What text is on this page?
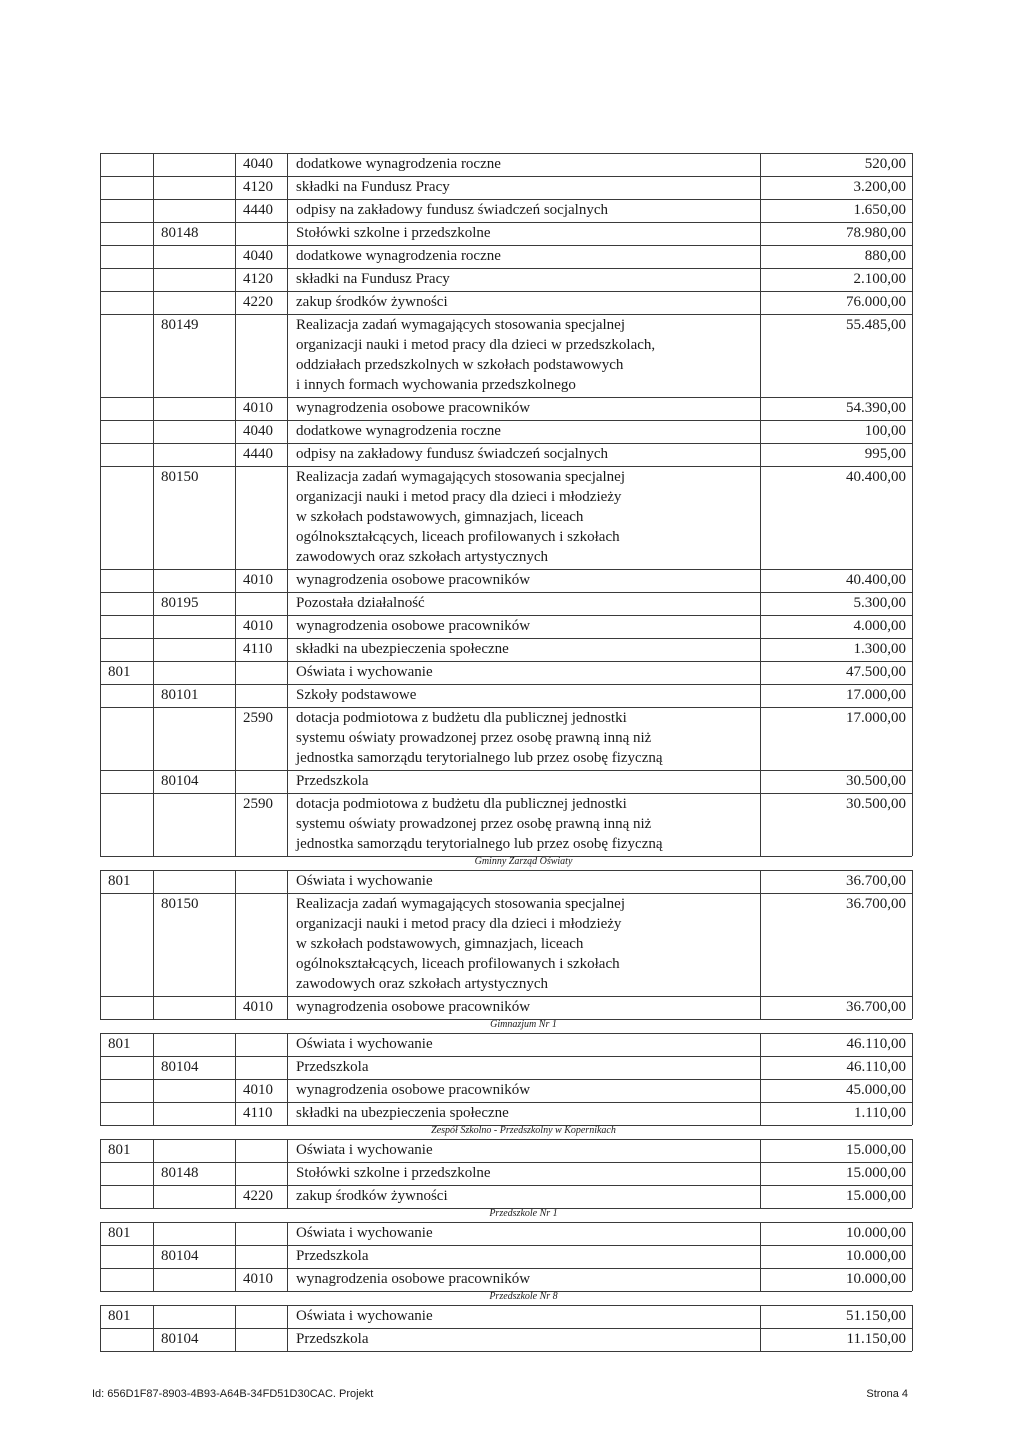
4040 dodatkowe wynagrodzenia roczne	520,00
4120 składki na Fundusz Pracy	3.200,00
4440 odpisy na zakładowy fundusz świadczeń socjalnych	1.650,00
80148	Stołówki szkolne i przedszkolne	78.980,00
4040 dodatkowe wynagrodzenia roczne	880,00
4120 składki na Fundusz Pracy	2.100,00
4220 zakup środków żywności	76.000,00
80149	Realizacja zadań wymagających stosowania specjalnej
organizacji nauki i metod pracy dla dzieci w przedszkolach,
oddziałach przedszkolnych w szkołach podstawowych
i innych formach wychowania przedszkolnego
55.485,00
4010 wynagrodzenia osobowe pracowników	54.390,00
4040 dodatkowe wynagrodzenia roczne	100,00
4440 odpisy na zakładowy fundusz świadczeń socjalnych	995,00
80150	Realizacja zadań wymagających stosowania specjalnej
organizacji nauki i metod pracy dla dzieci i młodzieży
w szkołach podstawowych, gimnazjach, liceach
ogólnokształcących, liceach profilowanych i szkołach
zawodowych oraz szkołach artystycznych
40.400,00
4010 wynagrodzenia osobowe pracowników	40.400,00
80195	Pozostała działalność	5.300,00
4010 wynagrodzenia osobowe pracowników	4.000,00
4110 składki na ubezpieczenia społeczne	1.300,00
801	Oświata i wychowanie	47.500,00
80101	Szkoły podstawowe	17.000,00
2590 dotacja podmiotowa z budżetu dla publicznej jednostki
systemu oświaty prowadzonej przez osobę prawną inną niż
jednostka samorządu terytorialnego lub przez osobę fizyczną
17.000,00
80104	Przedszkola	30.500,00
2590 dotacja podmiotowa z budżetu dla publicznej jednostki
systemu oświaty prowadzonej przez osobę prawną inną niż
jednostka samorządu terytorialnego lub przez osobę fizyczną
30.500,00
Gminny Zarząd Oświaty
801	Oświata i wychowanie	36.700,00
80150	Realizacja zadań wymagających stosowania specjalnej
organizacji nauki i metod pracy dla dzieci i młodzieży
w szkołach podstawowych, gimnazjach, liceach
ogólnokształcących, liceach profilowanych i szkołach
zawodowych oraz szkołach artystycznych
36.700,00
4010 wynagrodzenia osobowe pracowników	36.700,00
Gimnazjum Nr 1
801	Oświata i wychowanie	46.110,00
80104	Przedszkola	46.110,00
4010 wynagrodzenia osobowe pracowników	45.000,00
4110 składki na ubezpieczenia społeczne	1.110,00
Zespół Szkolno - Przedszkolny w Kopernikach
801	Oświata i wychowanie	15.000,00
80148	Stołówki szkolne i przedszkolne	15.000,00
4220 zakup środków żywności	15.000,00
Przedszkole Nr 1
801	Oświata i wychowanie	10.000,00
80104	Przedszkola	10.000,00
4010 wynagrodzenia osobowe pracowników	10.000,00
Przedszkole Nr 8
801	Oświata i wychowanie	51.150,00
80104	Przedszkola	11.150,00
Id: 656D1F87-8903-4B93-A64B-34FD51D30CAC. Projekt	Strona 4
